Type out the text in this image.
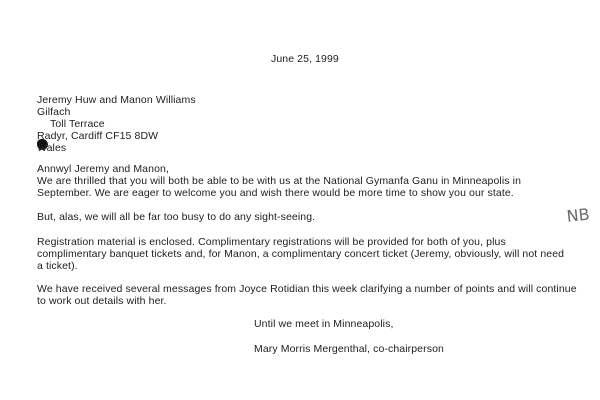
June 25, 1999
Jeremy Huw and Manon Williams
Gilfach
Toll Terrace
Radyr, Cardiff CF15 8DW
Wales
Annwyl Jeremy and Manon,
We are thrilled that you will both be able to be with us at the National Gymanfa Ganu in Minneapolis in
September. We are eager to welcome you and wish there would be more time to show you our state.
But, alas, we will all be far too busy to do any sight-seeing.
Registration material is enclosed. Complimentary registrations will be provided for both of you, plus
complimentary banquet tickets and, for Manon, a complimentary concert ticket (Jeremy, obviously, will not need
a ticket).
We have received several messages from Joyce Rotidian this week clarifying a number of points and will continue
to work out details with her.
Until we meet in Minneapolis,
Mary Morris Mergenthal, co-chairperson
NB
